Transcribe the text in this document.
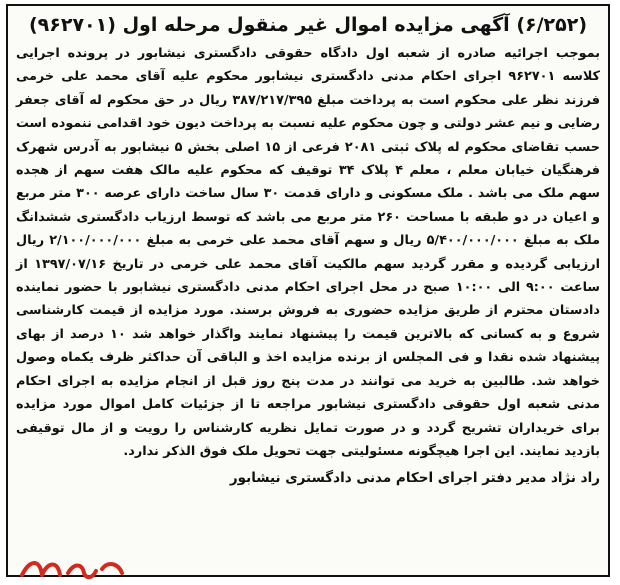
(۶/۲۵۲) آگهی مزایده اموال غیر منقول مرحله اول (۹۶۲۷۰۱)

بموجب اجرائیه صادره از شعبه اول دادگاه حقوقی دادگستری نیشابور در پرونده اجرایی کلاسه ۹۶۲۷۰۱ اجرای احکام مدنی دادگستری نیشابور محکوم علیه آقای محمد علی خرمی فرزند نظر علی محکوم است به پرداخت مبلغ ۳۸۷/۲۱۷/۳۹۵ ریال در حق محکوم له آقای جعفر رضایی و نیم عشر دولتی و چون محکوم علیه نسبت به پرداخت دیون خود اقدامی ننموده است حسب تقاضای محکوم له پلاک ثبتی ۲۰۸۱ فرعی از ۱۵ اصلی بخش ۵ نیشابور به آدرس شهرک فرهنگیان خیابان معلم ، معلم ۴ پلاک ۳۴ توقیف که محکوم علیه مالک هفت سهم از هجده سهم ملک می باشد . ملک مسکونی و دارای قدمت ۳۰ سال ساخت دارای عرصه ۳۰۰ متر مربع و اعیان در دو طبقه با مساحت ۲۶۰ متر مربع می باشد که توسط ارزیاب دادگستری ششدانگ ملک به مبلغ ۵/۴۰۰/۰۰۰/۰۰۰ ریال و سهم آقای محمد علی خرمی به مبلغ ۲/۱۰۰/۰۰۰/۰۰۰ ریال ارزیابی گردیده و مقرر گردید سهم مالکیت آقای محمد علی خرمی در تاریخ ۱۳۹۷/۰۷/۱۶ از ساعت ۹:۰۰ الی ۱۰:۰۰ صبح در محل اجرای احکام مدنی دادگستری نیشابور با حضور نماینده دادستان محترم از طریق مزایده حضوری به فروش برسند. مورد مزایده از قیمت کارشناسی شروع و به کسانی که بالاترین قیمت را پیشنهاد نمایند واگذار خواهد شد ۱۰ درصد از بهای پیشنهاد شده نقدا و فی المجلس از برنده مزایده اخذ و الباقی آن حداکثر ظرف یکماه وصول خواهد شد. طالبین به خرید می توانند در مدت پنج روز قبل از انجام مزایده به اجرای احکام مدنی شعبه اول حقوقی دادگستری نیشابور مراجعه تا از جزئیات کامل اموال مورد مزایده برای خریداران تشریح گردد و در صورت تمایل نظریه کارشناس را رویت و از مال توقیفی بازدید نمایند. این اجرا هیچگونه مسئولیتی جهت تحویل ملک فوق الذکر ندارد.

راد نژاد مدیر دفتر اجرای احکام مدنی دادگستری نیشابور
